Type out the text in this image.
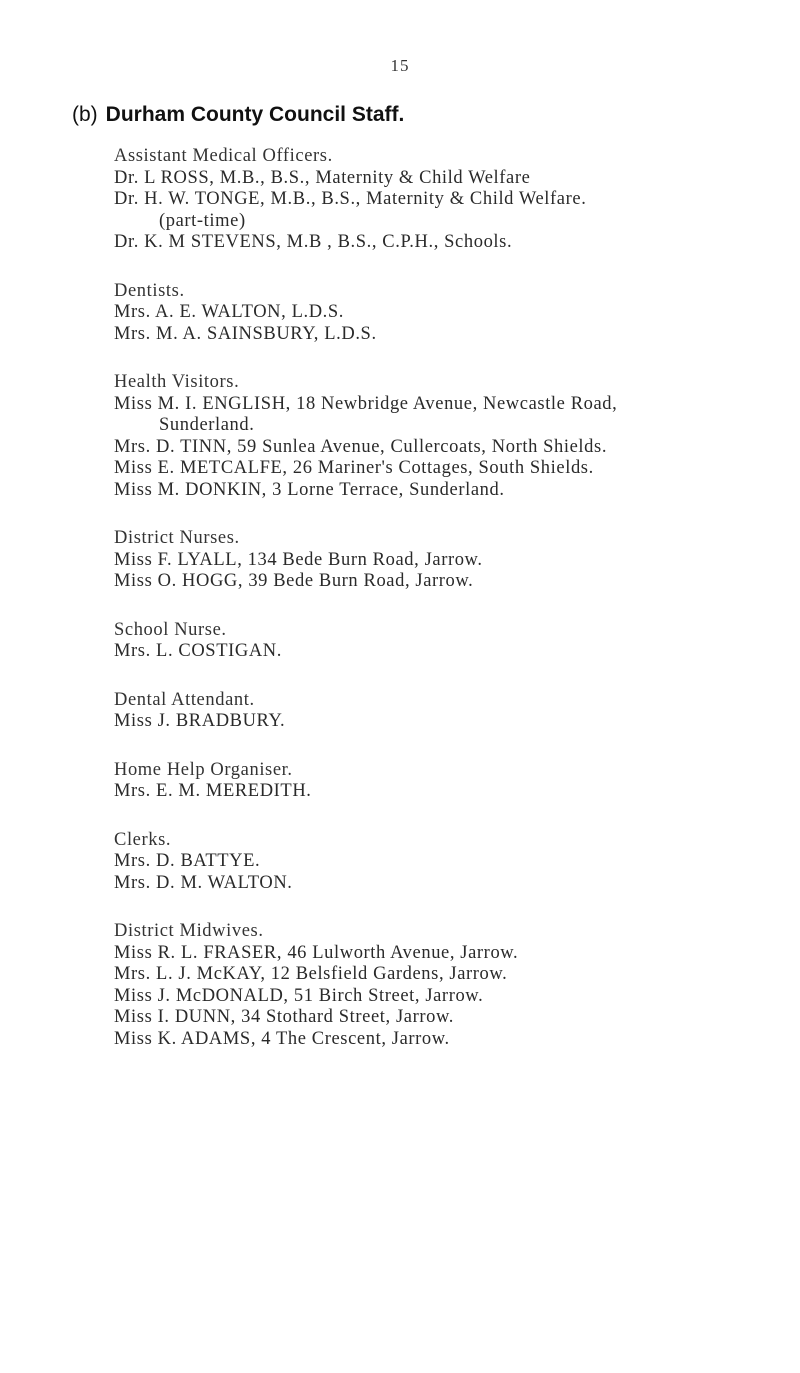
15
(b) Durham County Council Staff.
Assistant Medical Officers.
Dr. L ROSS, M.B., B.S., Maternity & Child Welfare
Dr. H. W. TONGE, M.B., B.S., Maternity & Child Welfare.
(part-time)
Dr. K. M STEVENS, M.B , B.S., C.P.H., Schools.
Dentists.
Mrs. A. E. WALTON, L.D.S.
Mrs. M. A. SAINSBURY, L.D.S.
Health Visitors.
Miss M. I. ENGLISH, 18 Newbridge Avenue, Newcastle Road,
Sunderland.
Mrs. D. TINN, 59 Sunlea Avenue, Cullercoats, North Shields.
Miss E. METCALFE, 26 Mariner's Cottages, South Shields.
Miss M. DONKIN, 3 Lorne Terrace, Sunderland.
District Nurses.
Miss F. LYALL, 134 Bede Burn Road, Jarrow.
Miss O. HOGG, 39 Bede Burn Road, Jarrow.
School Nurse.
Mrs. L. COSTIGAN.
Dental Attendant.
Miss J. BRADBURY.
Home Help Organiser.
Mrs. E. M. MEREDITH.
Clerks.
Mrs. D. BATTYE.
Mrs. D. M. WALTON.
District Midwives.
Miss R. L. FRASER, 46 Lulworth Avenue, Jarrow.
Mrs. L. J. McKAY, 12 Belsfield Gardens, Jarrow.
Miss J. McDONALD, 51 Birch Street, Jarrow.
Miss I. DUNN, 34 Stothard Street, Jarrow.
Miss K. ADAMS, 4 The Crescent, Jarrow.
